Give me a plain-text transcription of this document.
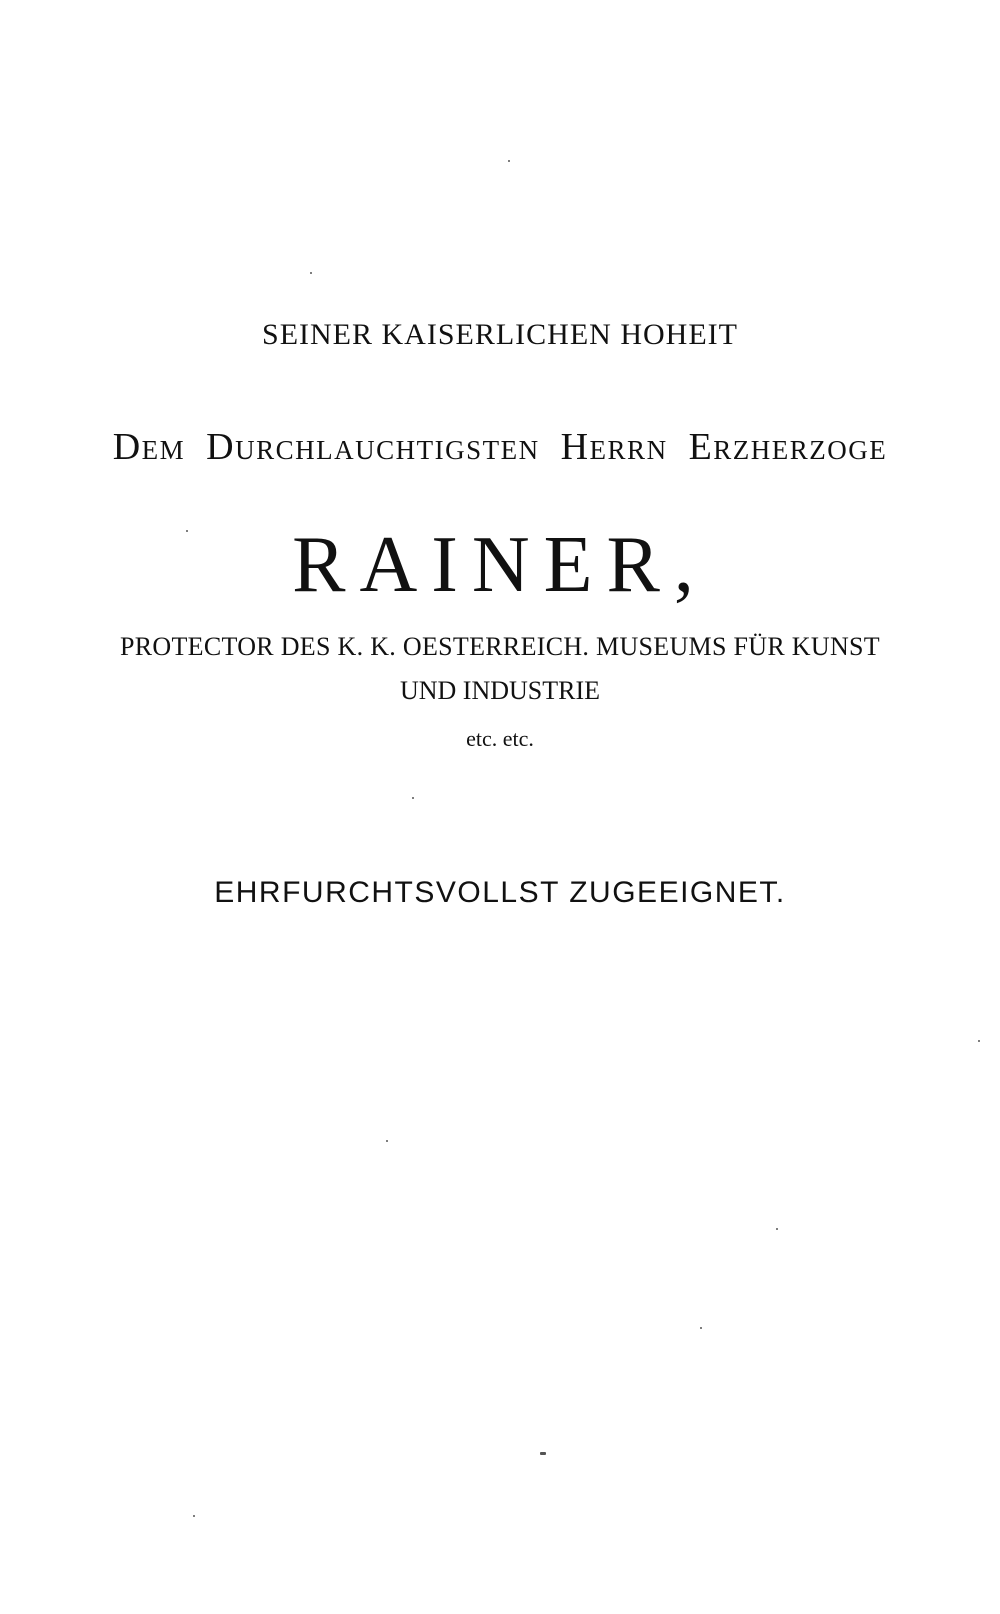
SEINER KAISERLICHEN HOHEIT
Dem Durchlauchtigsten Herrn Erzherzoge
RAINER,
PROTECTOR DES K. K. OESTERREICH. MUSEUMS FÜR KUNST
UND INDUSTRIE
etc. etc.
EHRFURCHTSVOLLST ZUGEEIGNET.
